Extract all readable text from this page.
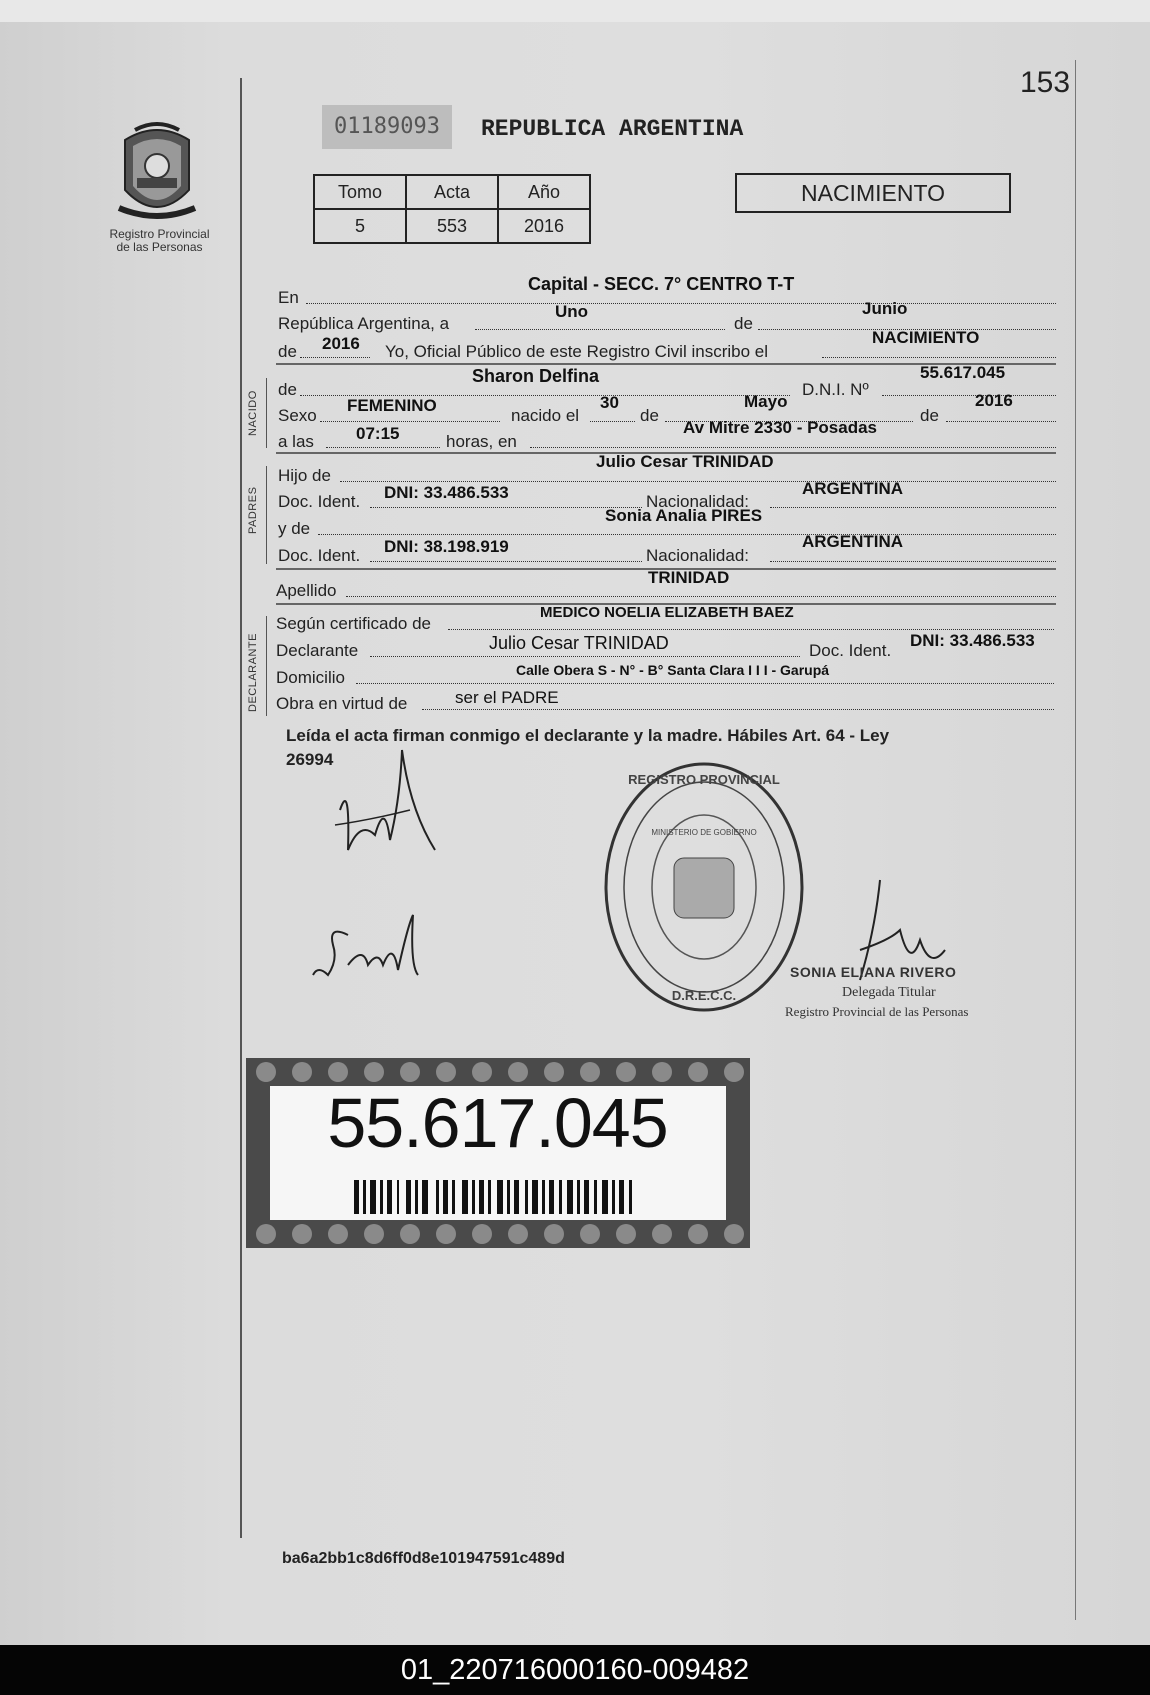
153
Registro Provincial
de las Personas
01189093	REPUBLICA ARGENTINA
Tomo	Acta	Año
5	553	2016
NACIMIENTO
En
Capital - SECC. 7° CENTRO T-T
República Argentina, a
Uno
de
Junio
de 2016 Yo, Oficial Público de este Registro Civil inscribo el
NACIMIENTO
NACIDO
de
Sharon Delfina
D.N.I. Nº
55.617.045
Sexo
FEMENINO
nacido el
30
de
Mayo
de
2016
a las 07:15	horas, en
Av Mitre 2330 - Posadas
PADRES
Hijo de
Julio Cesar TRINIDAD
Doc. Ident. DNI: 33.486.533	Nacionalidad:
ARGENTINA
y de
Sonia Analia PIRES
Doc. Ident. DNI: 38.198.919	Nacionalidad:
ARGENTINA
Apellido
TRINIDAD
DECLARANTE
Según certificado de
MEDICO NOELIA ELIZABETH BAEZ
Declarante	Julio Cesar TRINIDAD	Doc. Ident.
DNI: 33.486.533
Domicilio	Calle Obera S - N° - B° Santa Clara I I I - Garupá
Obra en virtud de	ser el PADRE
Leída el acta firman conmigo el declarante y la madre. Hábiles Art. 64 - Ley
26994
REGISTRO PROVINCIAL
D.R.E.C.C.
MINISTERIO DE GOBIERNO
SONIA ELIANA RIVERO
Delegada Titular
Registro Provincial de las Personas
55.617.045
ba6a2bb1c8d6ff0d8e101947591c489d
01_220716000160-009482
